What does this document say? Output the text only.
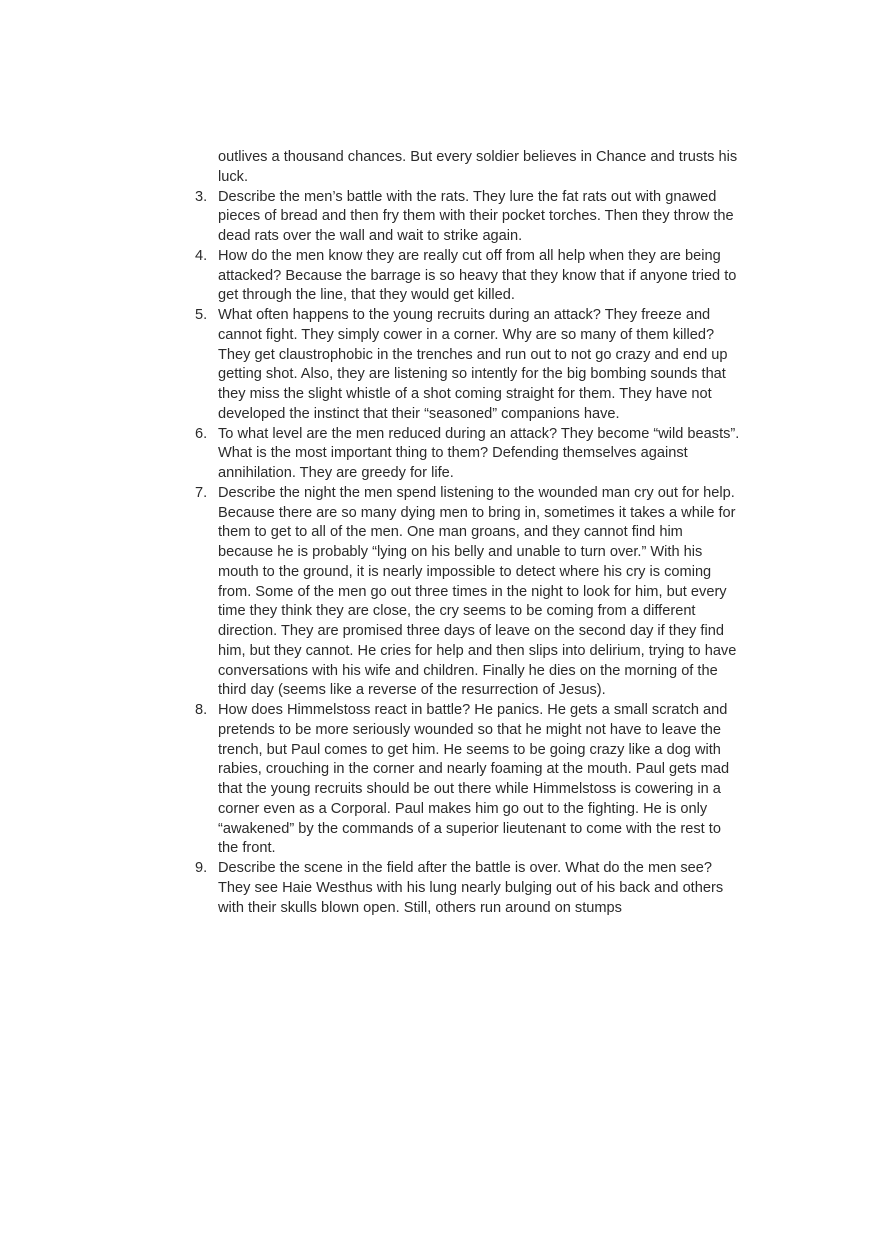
outlives a thousand chances. But every soldier believes in Chance and trusts his luck.
3. Describe the men’s battle with the rats. They lure the fat rats out with gnawed pieces of bread and then fry them with their pocket torches. Then they throw the dead rats over the wall and wait to strike again.
4. How do the men know they are really cut off from all help when they are being attacked? Because the barrage is so heavy that they know that if anyone tried to get through the line, that they would get killed.
5. What often happens to the young recruits during an attack? They freeze and cannot fight. They simply cower in a corner. Why are so many of them killed? They get claustrophobic in the trenches and run out to not go crazy and end up getting shot. Also, they are listening so intently for the big bombing sounds that they miss the slight whistle of a shot coming straight for them. They have not developed the instinct that their “seasoned” companions have.
6. To what level are the men reduced during an attack? They become “wild beasts”. What is the most important thing to them? Defending themselves against annihilation. They are greedy for life.
7. Describe the night the men spend listening to the wounded man cry out for help. Because there are so many dying men to bring in, sometimes it takes a while for them to get to all of the men. One man groans, and they cannot find him because he is probably “lying on his belly and unable to turn over.” With his mouth to the ground, it is nearly impossible to detect where his cry is coming from. Some of the men go out three times in the night to look for him, but every time they think they are close, the cry seems to be coming from a different direction. They are promised three days of leave on the second day if they find him, but they cannot. He cries for help and then slips into delirium, trying to have conversations with his wife and children. Finally he dies on the morning of the third day (seems like a reverse of the resurrection of Jesus).
8. How does Himmelstoss react in battle? He panics. He gets a small scratch and pretends to be more seriously wounded so that he might not have to leave the trench, but Paul comes to get him. He seems to be going crazy like a dog with rabies, crouching in the corner and nearly foaming at the mouth. Paul gets mad that the young recruits should be out there while Himmelstoss is cowering in a corner even as a Corporal. Paul makes him go out to the fighting. He is only “awakened” by the commands of a superior lieutenant to come with the rest to the front.
9. Describe the scene in the field after the battle is over. What do the men see? They see Haie Westhus with his lung nearly bulging out of his back and others with their skulls blown open. Still, others run around on stumps
